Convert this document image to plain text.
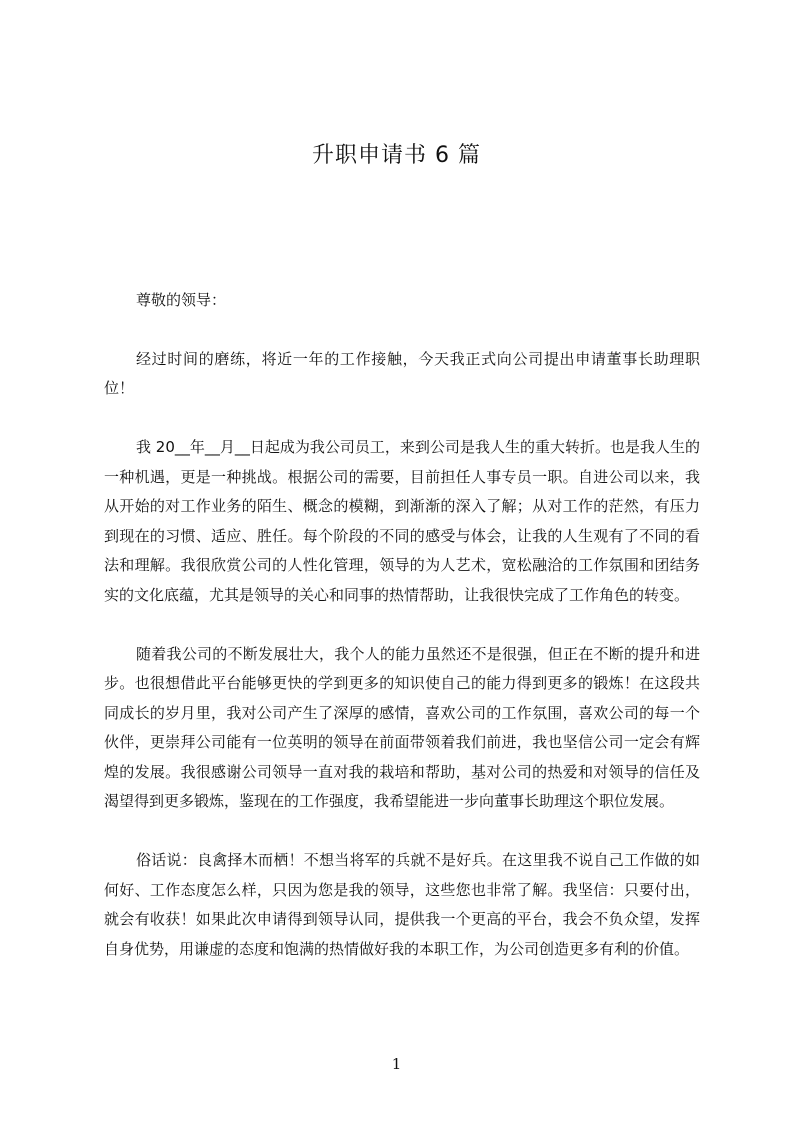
升职申请书 6 篇

尊敬的领导：

经过时间的磨练，将近一年的工作接触，今天我正式向公司提出申请董事长助理职位！

我 20__年__月__日起成为我公司员工，来到公司是我人生的重大转折。也是我人生的一种机遇，更是一种挑战。根据公司的需要，目前担任人事专员一职。自进公司以来，我从开始的对工作业务的陌生、概念的模糊，到渐渐的深入了解；从对工作的茫然，有压力到现在的习惯、适应、胜任。每个阶段的不同的感受与体会，让我的人生观有了不同的看法和理解。我很欣赏公司的人性化管理，领导的为人艺术，宽松融洽的工作氛围和团结务实的文化底蕴，尤其是领导的关心和同事的热情帮助，让我很快完成了工作角色的转变。

随着我公司的不断发展壮大，我个人的能力虽然还不是很强，但正在不断的提升和进步。也很想借此平台能够更快的学到更多的知识使自己的能力得到更多的锻炼！在这段共同成长的岁月里，我对公司产生了深厚的感情，喜欢公司的工作氛围，喜欢公司的每一个伙伴，更崇拜公司能有一位英明的领导在前面带领着我们前进，我也坚信公司一定会有辉煌的发展。我很感谢公司领导一直对我的栽培和帮助，基对公司的热爱和对领导的信任及渴望得到更多锻炼，鉴现在的工作强度，我希望能进一步向董事长助理这个职位发展。

俗话说：良禽择木而栖！不想当将军的兵就不是好兵。在这里我不说自己工作做的如何好、工作态度怎么样，只因为您是我的领导，这些您也非常了解。我坚信：只要付出，就会有收获！如果此次申请得到领导认同，提供我一个更高的平台，我会不负众望，发挥自身优势，用谦虚的态度和饱满的热情做好我的本职工作，为公司创造更多有利的价值。

1
